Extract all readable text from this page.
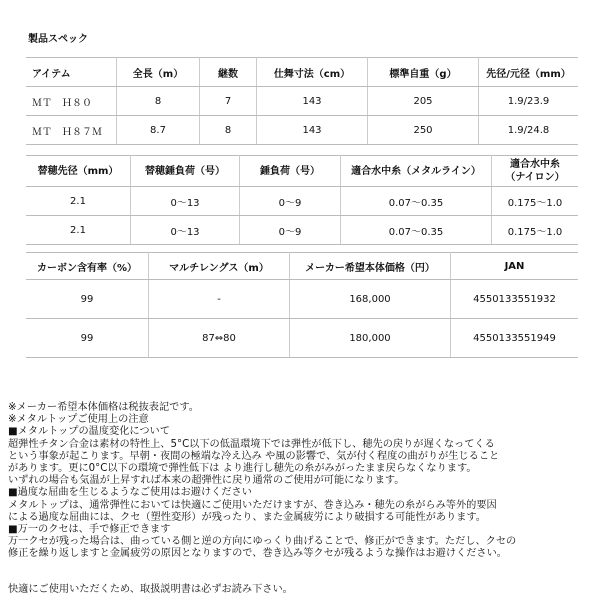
製品スペック
アイテム	全長（m）	継数	仕舞寸法（cm）	標準自重（g）	先径/元径（mm）
ＭＴ　Ｈ８０	8	7	143	205	1.9/23.9
ＭＴ　Ｈ８７Ｍ	8.7	8	143	250	1.9/24.8
替穂先径（mm）	替穂錘負荷（号）	錘負荷（号）	適合水中糸（メタルライン）	適合水中糸
（ナイロン）
2.1	0〜13	0〜9	0.07〜0.35	0.175〜1.0
2.1	0〜13	0〜9	0.07〜0.35	0.175〜1.0
カーボン含有率（%）	マルチレングス（m）	メーカー希望本体価格（円）	JAN
99	-	168,000	4550133551932
99	87⇔80	180,000	4550133551949

※メーカー希望本体価格は税抜表記です。

※メタルトップご使用上の注意

■メタルトップの温度変化について

超弾性チタン合金は素材の特性上、5°C以下の低温環境下では弾性が低下し、穂先の戻りが遅くなってくる

という事象が起こります。早朝・夜間の極端な冷え込み や風の影響で、気が付く程度の曲がりが生じること

があります。更に0°C以下の環境で弾性低下は より進行し穂先の糸がみがったまま戻らなくなります。

いずれの場合も気温が上昇すれば本来の超弾性に戻り通常のご使用が可能になります。

■過度な屈曲を生じるようなご使用はお避けください

メタルトップは、通常弾性においては快適にご使用いただけますが、巻き込み・穂先の糸がらみ等外的要因

による過度な屈曲には、クセ（塑性変形）が残ったり、また金属疲労により破損する可能性があります。

■万一のクセは、手で修正できます

万一クセが残った場合は、曲っている側と逆の方向にゆっくり曲げることで、修正ができます。ただし、クセの

修正を繰り返しますと金属疲労の原因となりますので、巻き込み等クセが残るような操作はお避けください。

快適にご使用いただくため、取扱説明書は必ずお読み下さい。
